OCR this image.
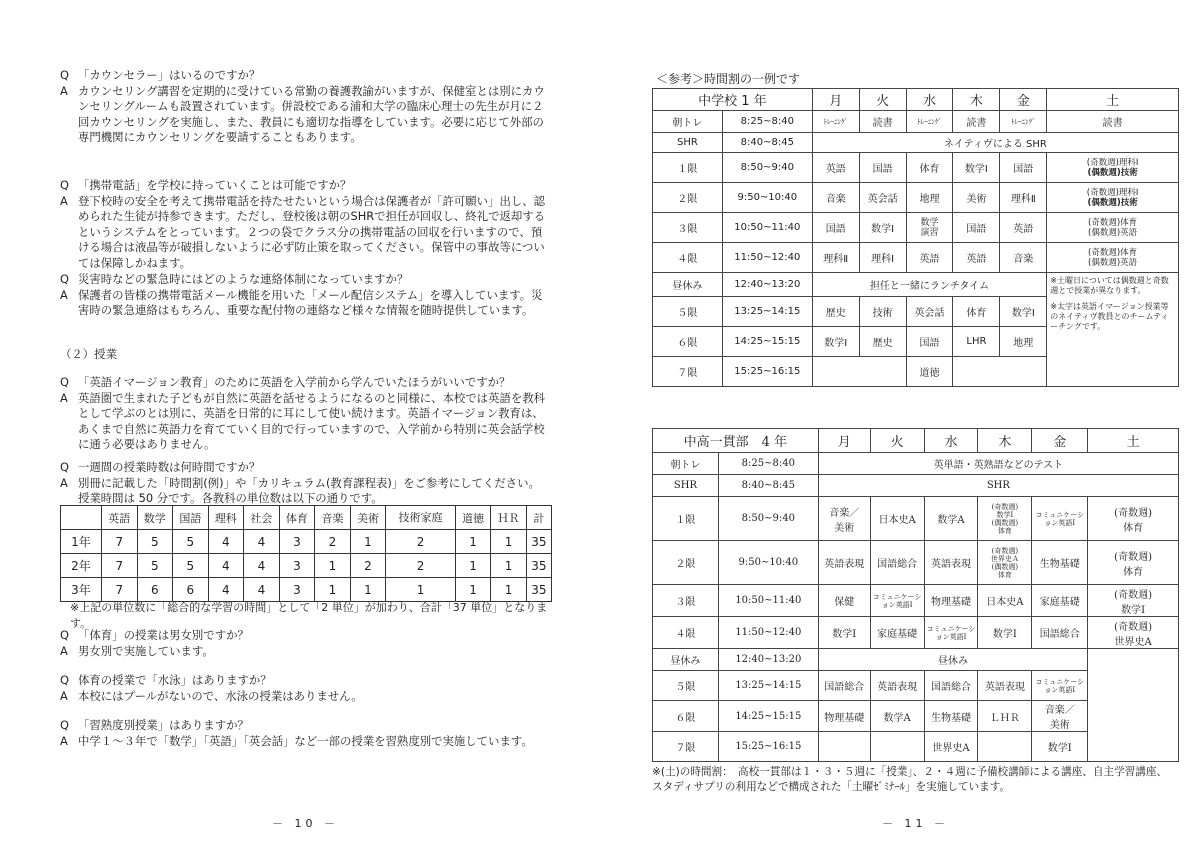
Q 「カウンセラー」はいるのですか？
A カウンセリング講習を定期的に受けている常勤の養護教諭がいますが、保健室とは別にカウンセリングルームも設置されています。併設校である浦和大学の臨床心理士の先生が月に２回カウンセリングを実施し、また、教員にも適切な指導をしています。必要に応じて外部の専門機関にカウンセリングを要請することもあります。
Q 「携帯電話」を学校に持っていくことは可能ですか？
A 登下校時の安全を考えて携帯電話を持たせたいという場合は保護者が「許可願い」出し、認められた生徒が持参できます。ただし、登校後は朝のSHRで担任が回収し、終礼で返却するというシステムをとっています。２つの袋でクラス分の携帯電話の回収を行いますので、預ける場合は液晶等が破損しないように必ず防止策を取ってください。保管中の事故等については保障しかねます。
Q 災害時などの緊急時にはどのような連絡体制になっていますか？
A 保護者の皆様の携帯電話メール機能を用いた「メール配信システム」を導入しています。災害時の緊急連絡はもちろん、重要な配付物の連絡など様々な情報を随時提供しています。
（２）授業
Q 「英語イマージョン教育」のために英語を入学前から学んでいたほうがいいですか？
A 英語圏で生まれた子どもが自然に英語を話せるようになるのと同様に、本校では英語を教科として学ぶのとは別に、英語を日常的に耳にして使い続けます。英語イマージョン教育は、あくまで自然に英語力を育てていく目的で行っていますので、入学前から特別に英会話学校に通う必要はありません。
Q 一週間の授業時数は何時間ですか？
A 別冊に記載した「時間割(例)」や「カリキュラム(教育課程表)」をご参考にしてください。授業時間は 50 分です。各教科の単位数は以下の通りです。
	英語	数学	国語	理科	社会	体育	音楽	美術	技術家庭	道徳	ＨＲ	計
1年	7	5	5	4	4	3	2	1	2	1	1	35
2年	7	5	5	4	4	3	1	2	2	1	1	35
3年	7	6	6	4	4	3	1	1	1	1	1	35
※上記の単位数に「総合的な学習の時間」として「2 単位」が加わり、合計「37 単位」となります。
Q 「体育」の授業は男女別ですか？
A 男女別で実施しています。
Q 体育の授業で「水泳」はありますか？
A 本校にはプールがないので、水泳の授業はありません。
Q 「習熟度別授業」はありますか？
A 中学１～３年で「数学」「英語」「英会話」など一部の授業を習熟度別で実施しています。
－ 10 －
＜参考＞時間割の一例です
中学校 1 年		月	火	水	木	金	土
朝トレ	8:25~8:40	ﾄﾚｰﾆﾝｸﾞ	読書	ﾄﾚｰﾆﾝｸﾞ	読書	ﾄﾚｰﾆﾝｸﾞ	読書
SHR	8:40~8:45	ネイティヴによる SHR					
１限	8:50~9:40	英語	国語	体育	数学Ⅰ	国語	(奇数週)理科Ⅰ
(偶数週)技術
２限	9:50~10:40	音楽	英会話	地理	美術	理科Ⅱ	(奇数週)理科Ⅰ
(偶数週)技術
３限	10:50~11:40	国語	数学Ⅰ	数学
演習	国語	英語	(奇数週)体育
(偶数週)英語
４限	11:50~12:40	理科Ⅱ	理科Ⅰ	英語	英語	音楽	(奇数週)体育
(偶数週)英語
昼休み	12:40~13:20	担任と一緒にランチタイム					※土曜日については偶数週と奇数週とで授業が異なります。
※太字は英語イマージョン授業等のネイティヴ教員とのチームティーチングです。

５限	13:25~14:15	歴史	技術	英会話	体育	数学Ⅰ	
６限	14:25~15:15	数学Ⅰ	歴史	国語	LHR	地理	
７限	15:25~16:15			道徳			
中高一貫部　4 年		月	火	水	木	金	土
朝トレ	8:25~8:40	英単語・英熟語などのテスト					
SHR	8:40~8:45	SHR					
１限	8:50~9:40	音楽／
美術	日本史A	数学A	(奇数週)
数学Ⅰ
(偶数週)
体育	コミュニケーション英語Ⅰ	(奇数週)
体育
２限	9:50~10:40	英語表現	国語総合	英語表現	(奇数週)
世界史Ａ
(偶数週)
体育	生物基礎	(奇数週)
体育
３限	10:50~11:40	保健	コミュニケーション英語Ⅰ	物理基礎	日本史A	家庭基礎	(奇数週)
数学Ⅰ
４限	11:50~12:40	数学Ⅰ	家庭基礎	コミュニケーション英語Ⅰ	数学Ⅰ	国語総合	(奇数週)
世界史A
昼休み	12:40~13:20	昼休み					
５限	13:25~14:15	国語総合	英語表現	国語総合	英語表現	コミュニケーション英語Ⅰ	
６限	14:25~15:15	物理基礎	数学A	生物基礎	ＬＨＲ	音楽／
美術	
７限	15:25~16:15			世界史A		数学Ⅰ	
※(土)の時間割：　高校一貫部は１・３・５週に「授業」、２・４週に予備校講師による講座、自主学習講座、スタディサプリの利用などで構成された「土曜ｾﾞﾐﾅｰﾙ」を実施しています。
－ 11 －
